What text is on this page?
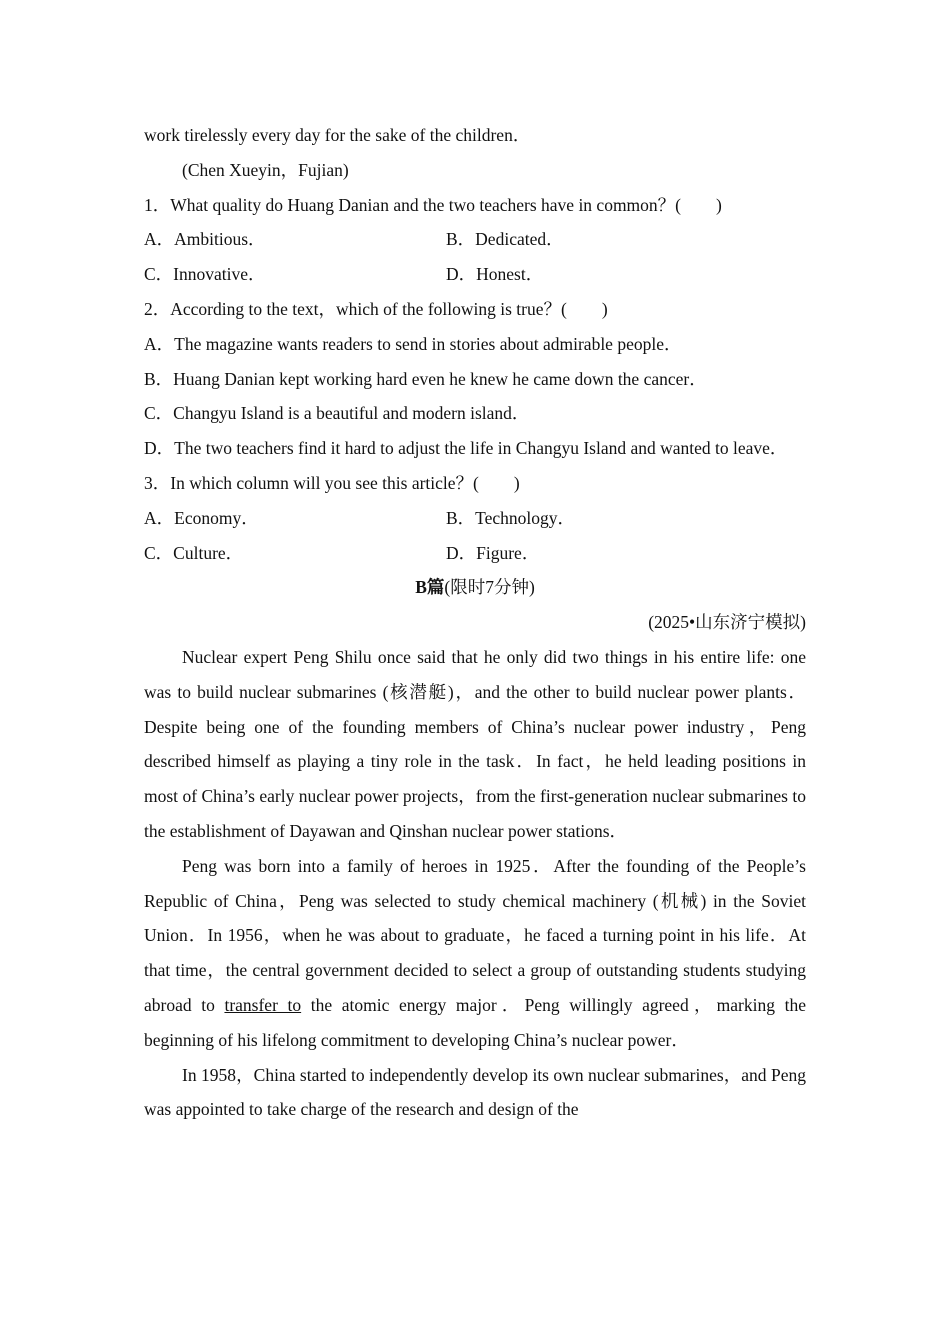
work tirelessly every day for the sake of the children．
(Chen Xueyin，Fujian)
1．What quality do Huang Danian and the two teachers have in common？(　　)
A．Ambitious．	B．Dedicated．
C．Innovative．	D．Honest．
2．According to the text，which of the following is true？(　　)
A．The magazine wants readers to send in stories about admirable people．
B．Huang Danian kept working hard even he knew he came down the cancer．
C．Changyu Island is a beautiful and modern island．

D．The two teachers find it hard to adjust the life in Changyu Island and wanted to leave．

3．In which column will you see this article？(　　)
A．Economy．	B．Technology．
C．Culture．	D．Figure．
B篇(限时7分钟)
(2025•山东济宁模拟)

Nuclear expert Peng Shilu once said that he only did two things in his entire life: one was to build nuclear submarines (核潜艇)，and the other to build nuclear power plants．Despite being one of the founding members of China’s nuclear power industry，Peng described himself as playing a tiny role in the task．In fact，he held leading positions in most of China’s early nuclear power projects，from the first-generation nuclear submarines to the establishment of Dayawan and Qinshan nuclear power stations．

Peng was born into a family of heroes in 1925．After the founding of the People’s Republic of China，Peng was selected to study chemical machinery (机械) in the Soviet Union．In 1956，when he was about to graduate，he faced a turning point in his life．At that time，the central government decided to select a group of outstanding students studying abroad to transfer to the atomic energy major．Peng willingly agreed，marking the beginning of his lifelong commitment to developing China’s nuclear power．

In 1958，China started to independently develop its own nuclear submarines，and Peng was appointed to take charge of the research and design of the
